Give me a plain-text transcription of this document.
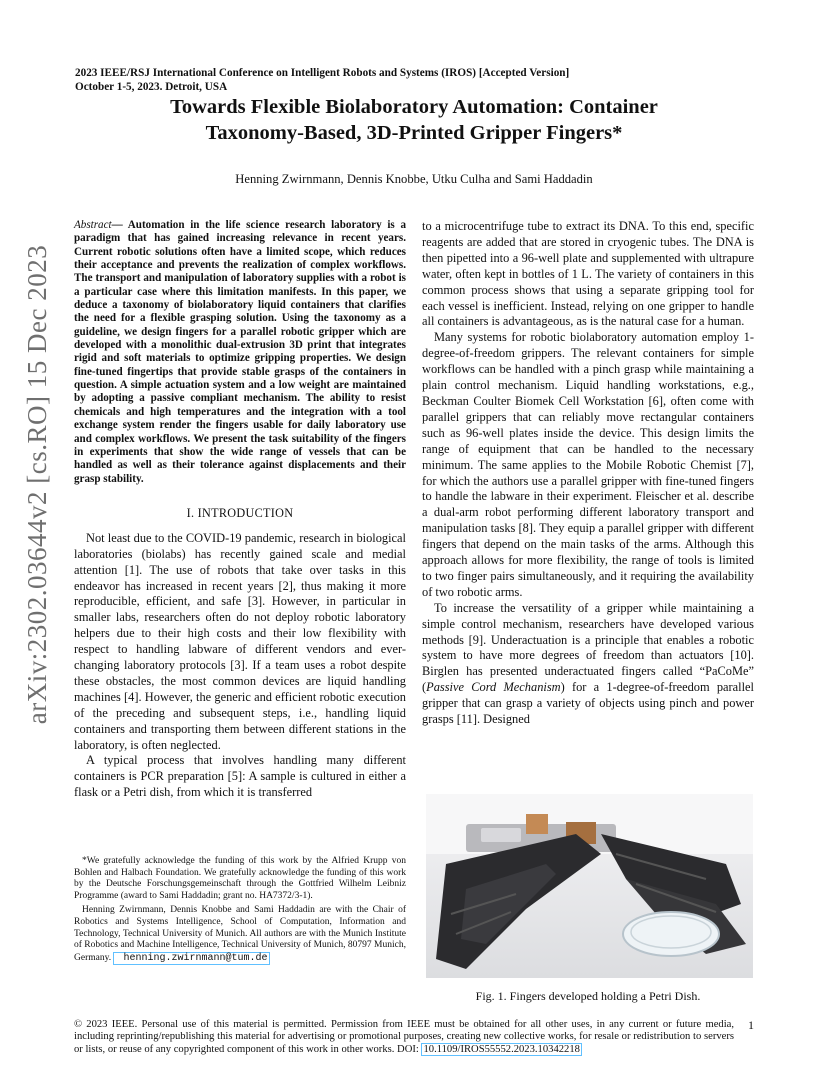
arXiv:2302.03644v2 [cs.RO] 15 Dec 2023
2023 IEEE/RSJ International Conference on Intelligent Robots and Systems (IROS) [Accepted Version]
October 1-5, 2023. Detroit, USA
Towards Flexible Biolaboratory Automation: Container
Taxonomy-Based, 3D-Printed Gripper Fingers*
Henning Zwirnmann, Dennis Knobbe, Utku Culha and Sami Haddadin

Abstract— Automation in the life science research laboratory is a paradigm that has gained increasing relevance in recent years. Current robotic solutions often have a limited scope, which reduces their acceptance and prevents the realization of complex workflows. The transport and manipulation of laboratory supplies with a robot is a particular case where this limitation manifests. In this paper, we deduce a taxonomy of biolaboratory liquid containers that clarifies the need for a flexible grasping solution. Using the taxonomy as a guideline, we design fingers for a parallel robotic gripper which are developed with a monolithic dual-extrusion 3D print that integrates rigid and soft materials to optimize gripping properties. We design fine-tuned fingertips that provide stable grasps of the containers in question. A simple actuation system and a low weight are maintained by adopting a passive compliant mechanism. The ability to resist chemicals and high temperatures and the integration with a tool exchange system render the fingers usable for daily laboratory use and complex workflows. We present the task suitability of the fingers in experiments that show the wide range of vessels that can be handled as well as their tolerance against displacements and their grasp stability.

I. INTRODUCTION

Not least due to the COVID-19 pandemic, research in biological laboratories (biolabs) has recently gained scale and medial attention [1]. The use of robots that take over tasks in this endeavor has increased in recent years [2], thus making it more reproducible, efficient, and safe [3]. However, in particular in smaller labs, researchers often do not deploy robotic laboratory helpers due to their high costs and their low flexibility with respect to handling labware of different vendors and ever-changing laboratory protocols [3]. If a team uses a robot despite these obstacles, the most common devices are liquid handling machines [4]. However, the generic and efficient robotic execution of the preceding and subsequent steps, i.e., handling liquid containers and transporting them between different stations in the laboratory, is often neglected.

A typical process that involves handling many different containers is PCR preparation [5]: A sample is cultured in either a flask or a Petri dish, from which it is transferred

*We gratefully acknowledge the funding of this work by the Alfried Krupp von Bohlen and Halbach Foundation. We gratefully acknowledge the funding of this work by the Deutsche Forschungsgemeinschaft through the Gottfried Wilhelm Leibniz Programme (award to Sami Haddadin; grant no. HA7372/3-1).

Henning Zwirnmann, Dennis Knobbe and Sami Haddadin are with the Chair of Robotics and Systems Intelligence, School of Computation, Information and Technology, Technical University of Munich. All authors are with the Munich Institute of Robotics and Machine Intelligence, Technical University of Munich, 80797 Munich, Germany. henning.zwirnmann@tum.de

to a microcentrifuge tube to extract its DNA. To this end, specific reagents are added that are stored in cryogenic tubes. The DNA is then pipetted into a 96-well plate and supplemented with ultrapure water, often kept in bottles of 1 L. The variety of containers in this common process shows that using a separate gripping tool for each vessel is inefficient. Instead, relying on one gripper to handle all containers is advantageous, as is the natural case for a human.

Many systems for robotic biolaboratory automation employ 1-degree-of-freedom grippers. The relevant containers for simple workflows can be handled with a pinch grasp while maintaining a plain control mechanism. Liquid handling workstations, e.g., Beckman Coulter Biomek Cell Workstation [6], often come with parallel grippers that can reliably move rectangular containers such as 96-well plates inside the device. This design limits the range of equipment that can be handled to the necessary minimum. The same applies to the Mobile Robotic Chemist [7], for which the authors use a parallel gripper with fine-tuned fingers to handle the labware in their experiment. Fleischer et al. describe a dual-arm robot performing different laboratory transport and manipulation tasks [8]. They equip a parallel gripper with different fingers that depend on the main tasks of the arms. Although this approach allows for more flexibility, the range of tools is limited to two finger pairs simultaneously, and it requiring the availability of two robotic arms.

To increase the versatility of a gripper while maintaining a simple control mechanism, researchers have developed various methods [9]. Underactuation is a principle that enables a robotic system to have more degrees of freedom than actuators [10]. Birglen has presented underactuated fingers called “PaCoMe” (Passive Cord Mechanism) for a 1-degree-of-freedom parallel gripper that can grasp a variety of objects using pinch and power grasps [11]. Designed

Fig. 1. Fingers developed holding a Petri Dish.
© 2023 IEEE. Personal use of this material is permitted. Permission from IEEE must be obtained for all other uses, in any current or future media, including reprinting/republishing this material for advertising or promotional purposes, creating new collective works, for resale or redistribution to servers or lists, or reuse of any copyrighted component of this work in other works. DOI: 10.1109/IROS55552.2023.10342218
1
